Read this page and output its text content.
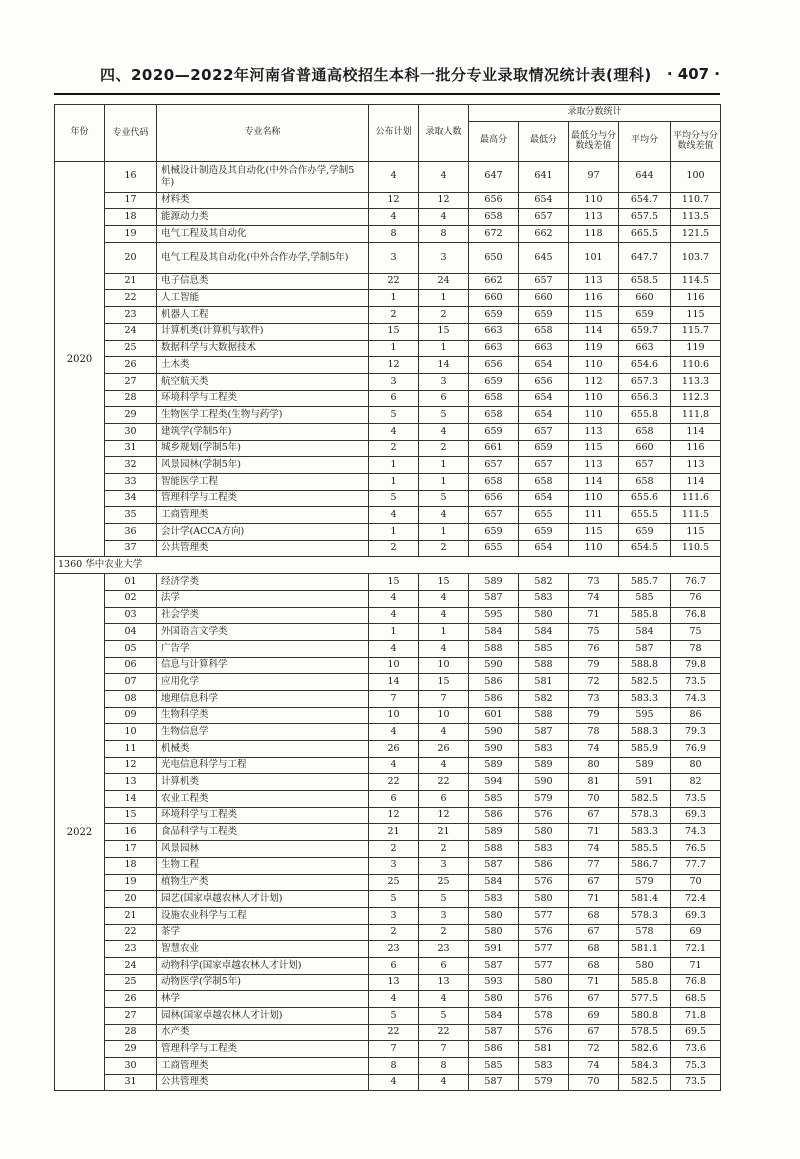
四、2020—2022年河南省普通高校招生本科一批分专业录取情况统计表(理科) · 407 ·
年份	专业代码	专业名称	公布计划	录取人数	录取分数统计				
					最高分	最低分	最低分与分数线差值	平均分	平均分与分数线差值
2020	16	机械设计制造及其自动化(中外合作办学,学制5年)	4	4	647	641	97	644	100
	17	材料类	12	12	656	654	110	654.7	110.7
	18	能源动力类	4	4	658	657	113	657.5	113.5
	19	电气工程及其自动化	8	8	672	662	118	665.5	121.5
	20	电气工程及其自动化(中外合作办学,学制5年)	3	3	650	645	101	647.7	103.7
	21	电子信息类	22	24	662	657	113	658.5	114.5
	22	人工智能	1	1	660	660	116	660	116
	23	机器人工程	2	2	659	659	115	659	115
	24	计算机类(计算机与软件)	15	15	663	658	114	659.7	115.7
	25	数据科学与大数据技术	1	1	663	663	119	663	119
	26	土木类	12	14	656	654	110	654.6	110.6
	27	航空航天类	3	3	659	656	112	657.3	113.3
	28	环境科学与工程类	6	6	658	654	110	656.3	112.3
	29	生物医学工程类(生物与药学)	5	5	658	654	110	655.8	111.8
	30	建筑学(学制5年)	4	4	659	657	113	658	114
	31	城乡规划(学制5年)	2	2	661	659	115	660	116
	32	风景园林(学制5年)	1	1	657	657	113	657	113
	33	智能医学工程	1	1	658	658	114	658	114
	34	管理科学与工程类	5	5	656	654	110	655.6	111.6
	35	工商管理类	4	4	657	655	111	655.5	111.5
	36	会计学(ACCA方向)	1	1	659	659	115	659	115
	37	公共管理类	2	2	655	654	110	654.5	110.5
1360 华中农业大学									
2022	01	经济学类	15	15	589	582	73	585.7	76.7
	02	法学	4	4	587	583	74	585	76
	03	社会学类	4	4	595	580	71	585.8	76.8
	04	外国语言文学类	1	1	584	584	75	584	75
	05	广告学	4	4	588	585	76	587	78
	06	信息与计算科学	10	10	590	588	79	588.8	79.8
	07	应用化学	14	15	586	581	72	582.5	73.5
	08	地理信息科学	7	7	586	582	73	583.3	74.3
	09	生物科学类	10	10	601	588	79	595	86
	10	生物信息学	4	4	590	587	78	588.3	79.3
	11	机械类	26	26	590	583	74	585.9	76.9
	12	光电信息科学与工程	4	4	589	589	80	589	80
	13	计算机类	22	22	594	590	81	591	82
	14	农业工程类	6	6	585	579	70	582.5	73.5
	15	环境科学与工程类	12	12	586	576	67	578.3	69.3
	16	食品科学与工程类	21	21	589	580	71	583.3	74.3
	17	风景园林	2	2	588	583	74	585.5	76.5
	18	生物工程	3	3	587	586	77	586.7	77.7
	19	植物生产类	25	25	584	576	67	579	70
	20	园艺(国家卓越农林人才计划)	5	5	583	580	71	581.4	72.4
	21	设施农业科学与工程	3	3	580	577	68	578.3	69.3
	22	茶学	2	2	580	576	67	578	69
	23	智慧农业	23	23	591	577	68	581.1	72.1
	24	动物科学(国家卓越农林人才计划)	6	6	587	577	68	580	71
	25	动物医学(学制5年)	13	13	593	580	71	585.8	76.8
	26	林学	4	4	580	576	67	577.5	68.5
	27	园林(国家卓越农林人才计划)	5	5	584	578	69	580.8	71.8
	28	水产类	22	22	587	576	67	578.5	69.5
	29	管理科学与工程类	7	7	586	581	72	582.6	73.6
	30	工商管理类	8	8	585	583	74	584.3	75.3
	31	公共管理类	4	4	587	579	70	582.5	73.5
